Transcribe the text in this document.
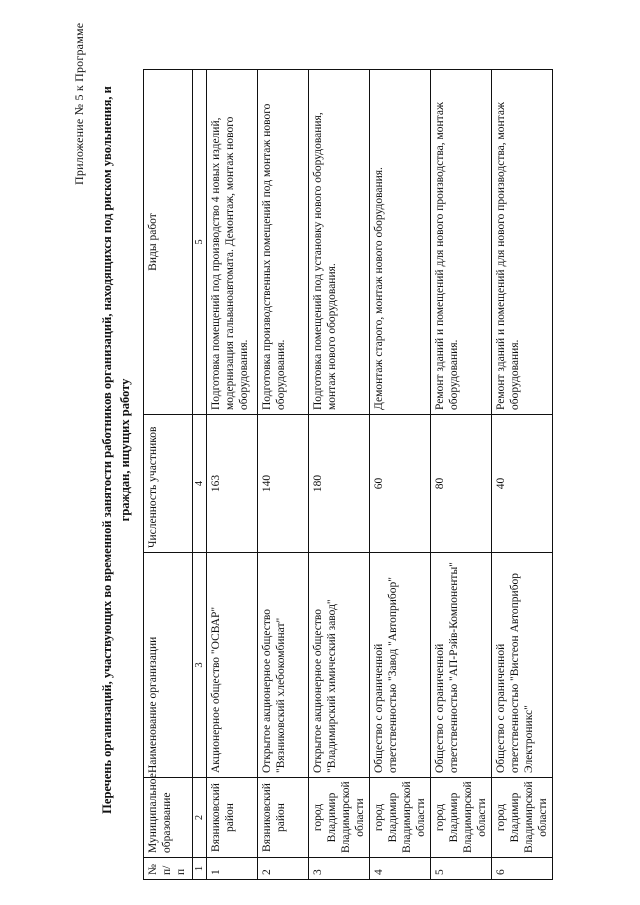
Приложение № 5 к Программе Перечень организаций, участвующих во временной занятости работников организаций, находящихся под риском увольнения, и граждан, ищущих работу
№ п/п	Муниципальное образование	Наименование организации	Численность участников	Виды работ
1	2	3	4	5
1	Вязниковский район	Акционерное общество "ОСВАР"	163	Подготовка помещений под производство 4 новых изделий, модернизация гальваноавтомата. Демонтаж, монтаж нового оборудования.
2	Вязниковский район	Открытое акционерное общество "Вязниковский хлебокомбинат"	140	Подготовка производственных помещений под монтаж нового оборудования.
3	город Владимир Владимирской области	Открытое акционерное общество "Владимирский химический завод"	180	Подготовка помещений под установку нового оборудования, монтаж нового оборудования.
4	город Владимир Владимирской области	Общество с ограниченной ответственностью "Завод "Автоприбор"	60	Демонтаж старого, монтаж нового оборудования.
5	город Владимир Владимирской области	Общество с ограниченной ответственностью "АП-Рэйв-Компоненты"	80	Ремонт зданий и помещений для нового производства, монтаж оборудования.
6	город Владимир Владимирской области	Общество с ограниченной ответственностью "Вистеон Автоприбор Электроникс"	40	Ремонт зданий и помещений для нового производства, монтаж оборудования.
